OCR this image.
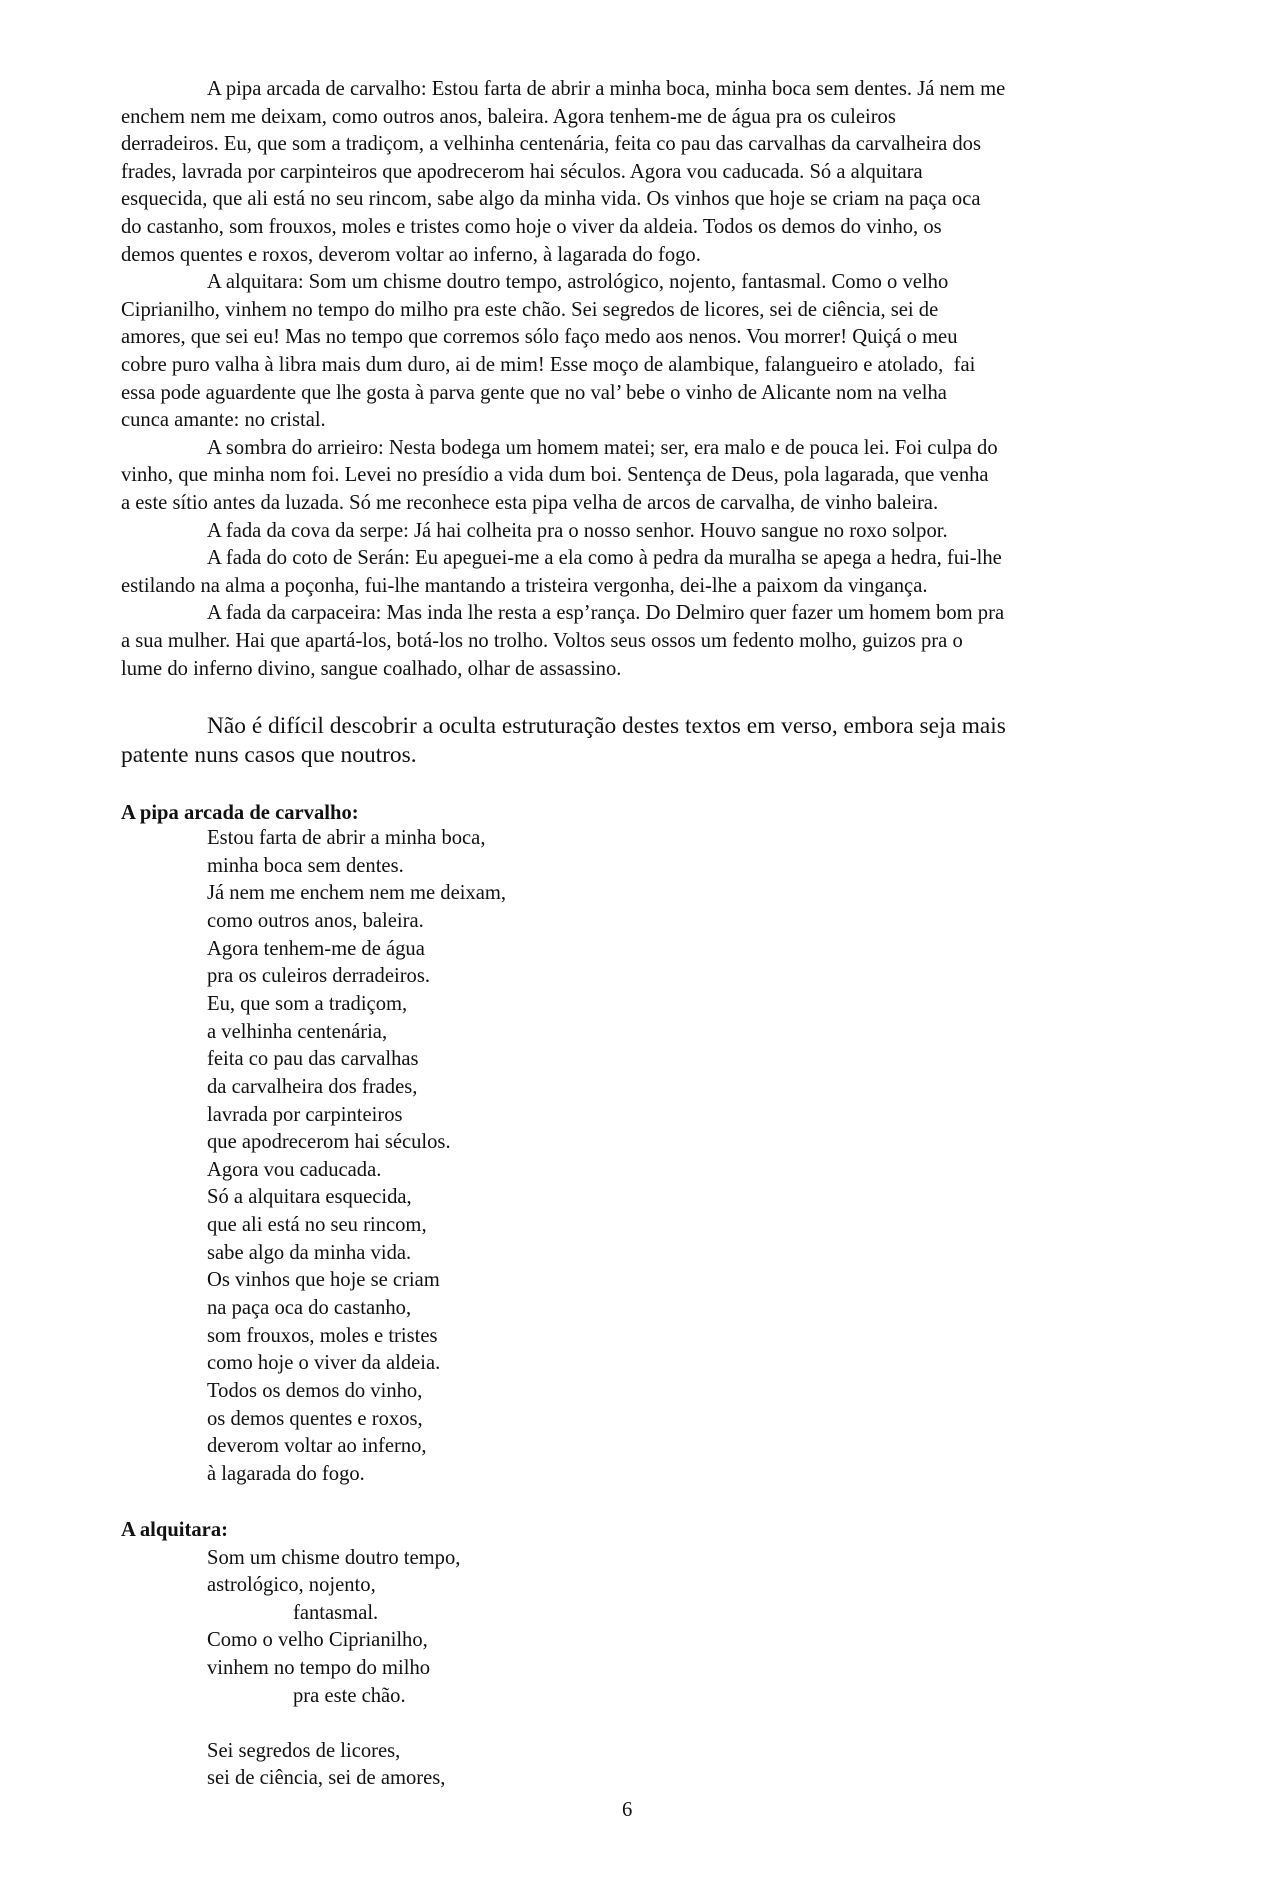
A pipa arcada de carvalho: Estou farta de abrir a minha boca, minha boca sem dentes. Já nem me
enchem nem me deixam, como outros anos, baleira. Agora tenhem-me de água pra os culeiros
derradeiros. Eu, que som a tradiçom, a velhinha centenária, feita co pau das carvalhas da carvalheira dos
frades, lavrada por carpinteiros que apodrecerom hai séculos. Agora vou caducada. Só a alquitara
esquecida, que ali está no seu rincom, sabe algo da minha vida. Os vinhos que hoje se criam na paça oca
do castanho, som frouxos, moles e tristes como hoje o viver da aldeia. Todos os demos do vinho, os
demos quentes e roxos, deverom voltar ao inferno, à lagarada do fogo.
A alquitara: Som um chisme doutro tempo, astrológico, nojento, fantasmal. Como o velho
Ciprianilho, vinhem no tempo do milho pra este chão. Sei segredos de licores, sei de ciência, sei de
amores, que sei eu! Mas no tempo que corremos sólo faço medo aos nenos. Vou morrer! Quiçá o meu
cobre puro valha à libra mais dum duro, ai de mim! Esse moço de alambique, falangueiro e atolado,  fai
essa pode aguardente que lhe gosta à parva gente que no val’ bebe o vinho de Alicante nom na velha
cunca amante: no cristal.
A sombra do arrieiro: Nesta bodega um homem matei; ser, era malo e de pouca lei. Foi culpa do
vinho, que minha nom foi. Levei no presídio a vida dum boi. Sentença de Deus, pola lagarada, que venha
a este sítio antes da luzada. Só me reconhece esta pipa velha de arcos de carvalha, de vinho baleira.
A fada da cova da serpe: Já hai colheita pra o nosso senhor. Houvo sangue no roxo solpor.
A fada do coto de Serán: Eu apeguei-me a ela como à pedra da muralha se apega a hedra, fui-lhe
estilando na alma a poçonha, fui-lhe mantando a tristeira vergonha, dei-lhe a paixom da vingança.
A fada da carpaceira: Mas inda lhe resta a esp’rança. Do Delmiro quer fazer um homem bom pra
a sua mulher. Hai que apartá-los, botá-los no trolho. Voltos seus ossos um fedento molho, guizos pra o
lume do inferno divino, sangue coalhado, olhar de assassino.
Não é difícil descobrir a oculta estruturação destes textos em verso, embora seja mais
patente nuns casos que noutros.
A pipa arcada de carvalho:
Estou farta de abrir a minha boca,
minha boca sem dentes.
Já nem me enchem nem me deixam,
como outros anos, baleira.
Agora tenhem-me de água
pra os culeiros derradeiros.
Eu, que som a tradiçom,
a velhinha centenária,
feita co pau das carvalhas
da carvalheira dos frades,
lavrada por carpinteiros
que apodrecerom hai séculos.
Agora vou caducada.
Só a alquitara esquecida,
que ali está no seu rincom,
sabe algo da minha vida.
Os vinhos que hoje se criam
na paça oca do castanho,
som frouxos, moles e tristes
como hoje o viver da aldeia.
Todos os demos do vinho,
os demos quentes e roxos,
deverom voltar ao inferno,
à lagarada do fogo.
A alquitara:
Som um chisme doutro tempo,
astrológico, nojento,
fantasmal.
Como o velho Ciprianilho,
vinhem no tempo do milho
pra este chão.
Sei segredos de licores,
sei de ciência, sei de amores,
6
